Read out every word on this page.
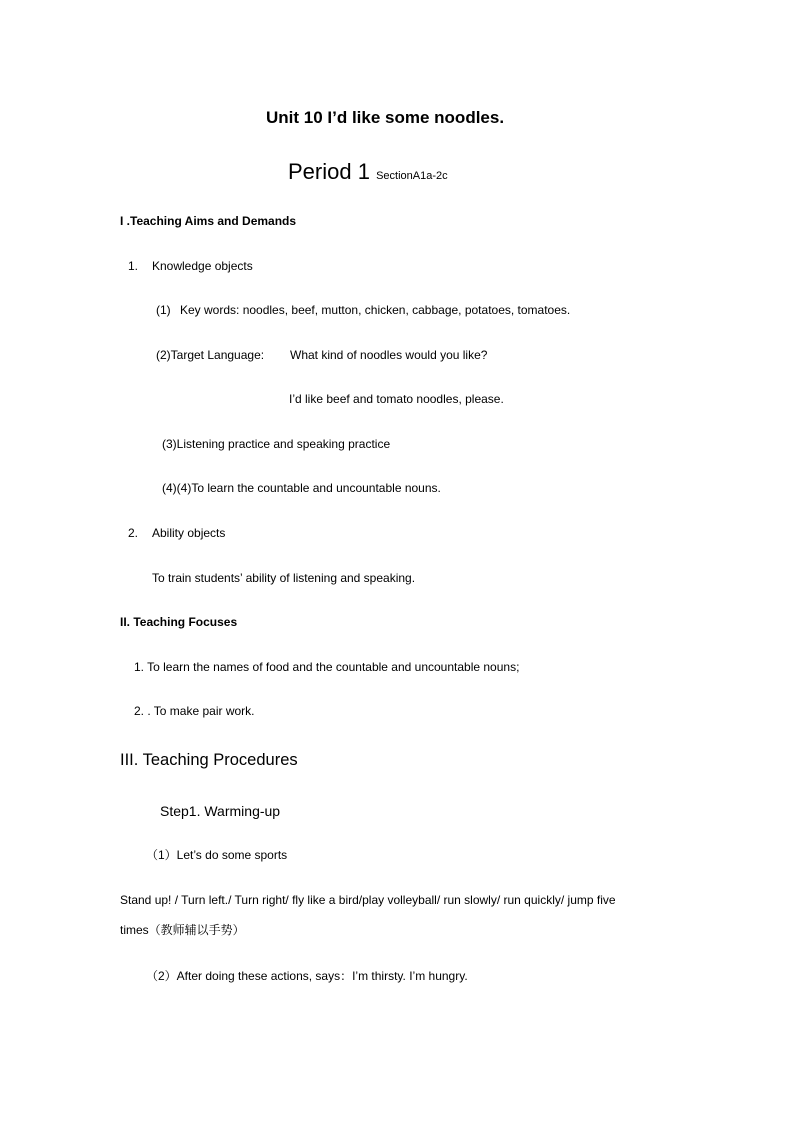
Unit 10 I’d like some noodles.
Period 1 SectionA1a-2c
I .Teaching Aims and Demands
1. Knowledge objects
(1) Key words: noodles, beef, mutton, chicken, cabbage, potatoes, tomatoes.
(2)Target Language: What kind of noodles would you like?
I’d like beef and tomato noodles, please.
(3)Listening practice and speaking practice
(4)(4)To learn the countable and uncountable nouns.
2. Ability objects
To train students’ ability of listening and speaking.
II. Teaching Focuses
1. To learn the names of food and the countable and uncountable nouns;
2. . To make pair work.
III. Teaching Procedures
Step1. Warming-up
（1）Let’s do some sports
Stand up! / Turn left./ Turn right/ fly like a bird/play volleyball/ run slowly/ run quickly/ jump five
times（教师辅以手势）
（2）After doing these actions, says：I’m thirsty. I’m hungry.
